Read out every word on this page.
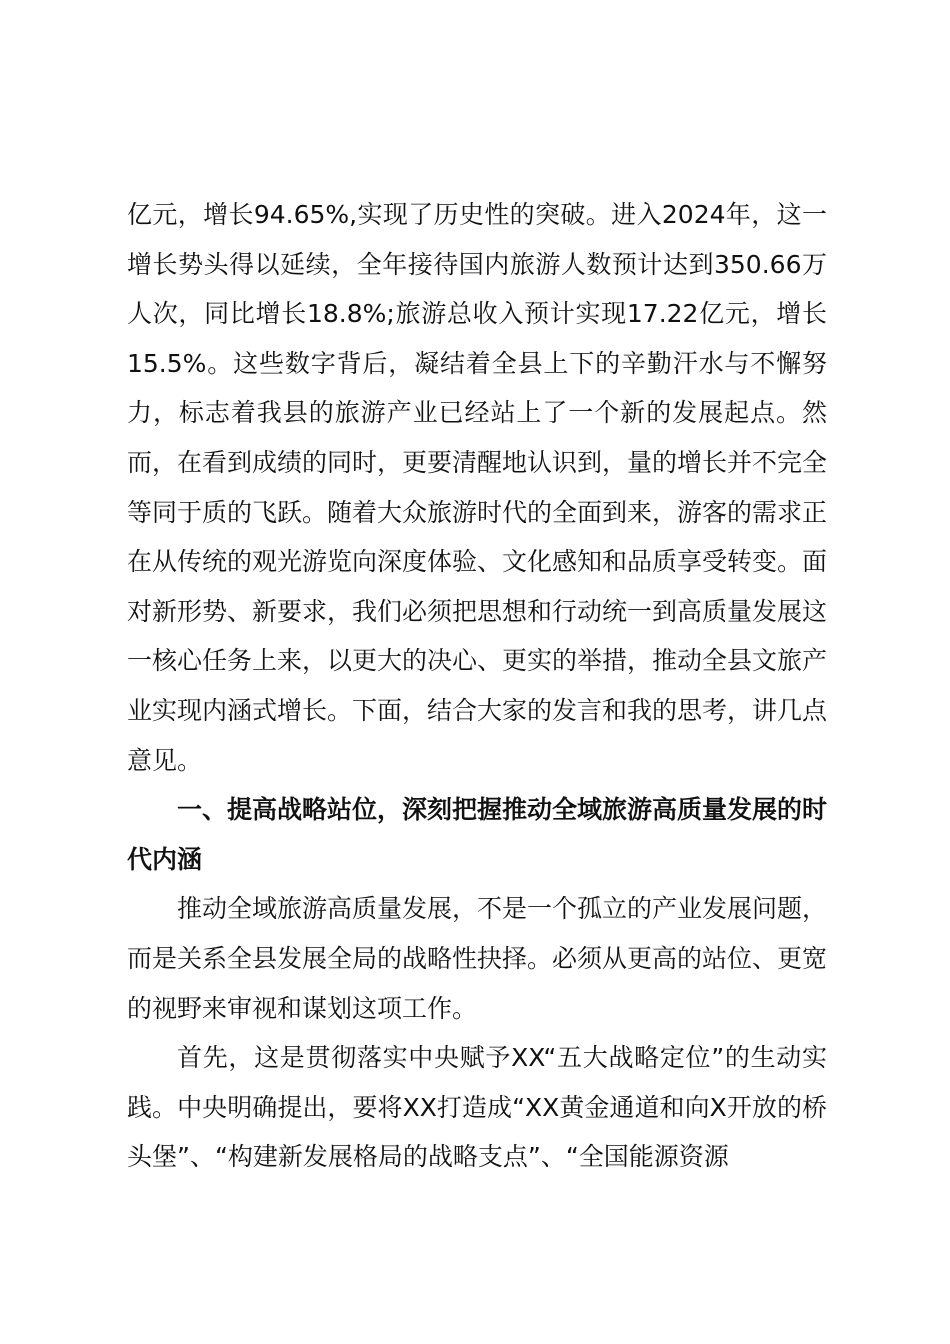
亿元，增长94.65%,实现了历史性的突破。进入2024年，这一增长势头得以延续，全年接待国内旅游人数预计达到350.66万人次，同比增长18.8%;旅游总收入预计实现17.22亿元，增长15.5%。这些数字背后，凝结着全县上下的辛勤汗水与不懈努力，标志着我县的旅游产业已经站上了一个新的发展起点。然而，在看到成绩的同时，更要清醒地认识到，量的增长并不完全等同于质的飞跃。随着大众旅游时代的全面到来，游客的需求正在从传统的观光游览向深度体验、文化感知和品质享受转变。面对新形势、新要求，我们必须把思想和行动统一到高质量发展这一核心任务上来，以更大的决心、更实的举措，推动全县文旅产业实现内涵式增长。下面，结合大家的发言和我的思考，讲几点意见。

一、提高战略站位，深刻把握推动全域旅游高质量发展的时代内涵

推动全域旅游高质量发展，不是一个孤立的产业发展问题，而是关系全县发展全局的战略性抉择。必须从更高的站位、更宽的视野来审视和谋划这项工作。

首先，这是贯彻落实中央赋予XX“五大战略定位”的生动实践。中央明确提出，要将XX打造成“XX黄金通道和向X开放的桥头堡”、“构建新发展格局的战略支点”、“全国能源资源
